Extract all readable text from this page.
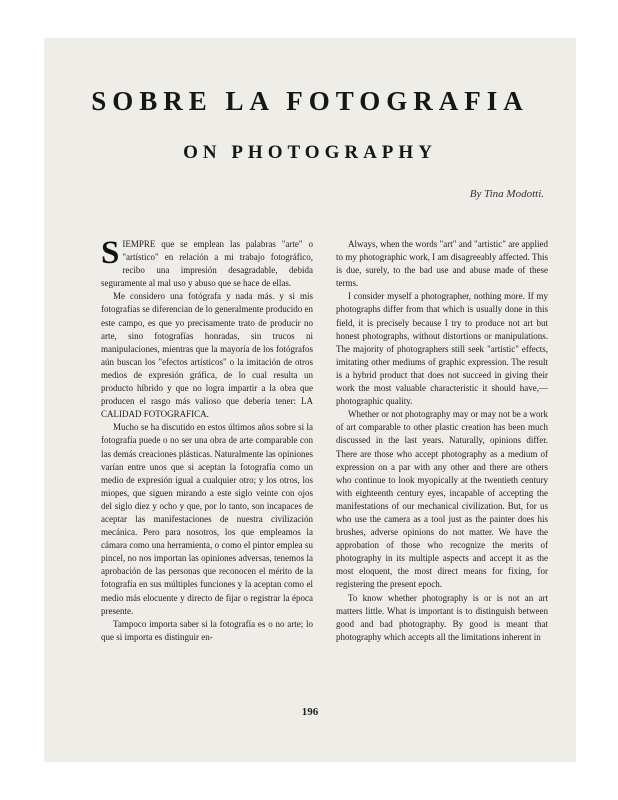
SOBRE LA FOTOGRAFIA
ON PHOTOGRAPHY
By Tina Modotti.

SIEMPRE que se emplean las palabras "arte" o "artístico" en relación a mi trabajo fotográfico, recibo una impresión desagradable, debida seguramente al mal uso y abuso que se hace de ellas.

Me considero una fotógrafa y nada más. y si mis fotografías se diferencian de lo generalmente producido en este campo, es que yo precisamente trato de producir no arte, sino fotografías honradas, sin trucos ni manipulaciones, mientras que la mayoría de los fotógrafos aún buscan los "efectos artísticos" o la imitación de otros medios de expresión gráfica, de lo cual resulta un producto híbrido y que no logra impartir a la obra que producen el rasgo más valioso que debería tener: LA CALIDAD FOTOGRAFICA.

Mucho se ha discutido en estos últimos años sobre si la fotografía puede o no ser una obra de arte comparable con las demás creaciones plásticas. Naturalmente las opiniones varían entre unos que si aceptan la fotografía como un medio de expresión igual a cualquier otro; y los otros, los miopes, que siguen mirando a este siglo veinte con ojos del siglo diez y ocho y que, por lo tanto, son incapaces de aceptar las manifestaciones de nuestra civilización mecánica. Pero para nosotros, los que empleamos la cámara como una herramienta, o como el pintor emplea su pincel, no nos importan las opiniones adversas, tenemos la aprobación de las personas que reconocen el mérito de la fotografía en sus múltiples funciones y la aceptan como el medio más elocuente y directo de fijar o registrar la época presente.

Tampoco importa saber si la fotografía es o no arte; lo que si importa es distinguir en-

Always, when the words "art" and "artistic" are applied to my photographic work, I am disagreeably affected. This is due, surely, to the bad use and abuse made of these terms.

I consider myself a photographer, nothing more. If my photographs differ from that which is usually done in this field, it is precisely because I try to produce not art but honest photographs, without distortions or manipulations. The majority of photographers still seek "artistic" effects, imitating other mediums of graphic expression. The result is a hybrid product that does not succeed in giving their work the most valuable characteristic it should have,—photographic quality.

Whether or not photography may or may not be a work of art comparable to other plastic creation has been much discussed in the last years. Naturally, opinions differ. There are those who accept photography as a medium of expression on a par with any other and there are others who continue to look myopically at the twentieth century with eighteenth century eyes, incapable of accepting the manifestations of our mechanical civilization. But, for us who use the camera as a tool just as the painter does his brushes, adverse opinions do not matter. We have the approbation of those who recognize the merits of photography in its multiple aspects and accept it as the most eloquent, the most direct means for fixing, for registering the present epoch.

To know whether photography is or is not an art matters little. What is important is to distinguish between good and bad photography. By good is meant that photography which accepts all the limitations inherent in

196
